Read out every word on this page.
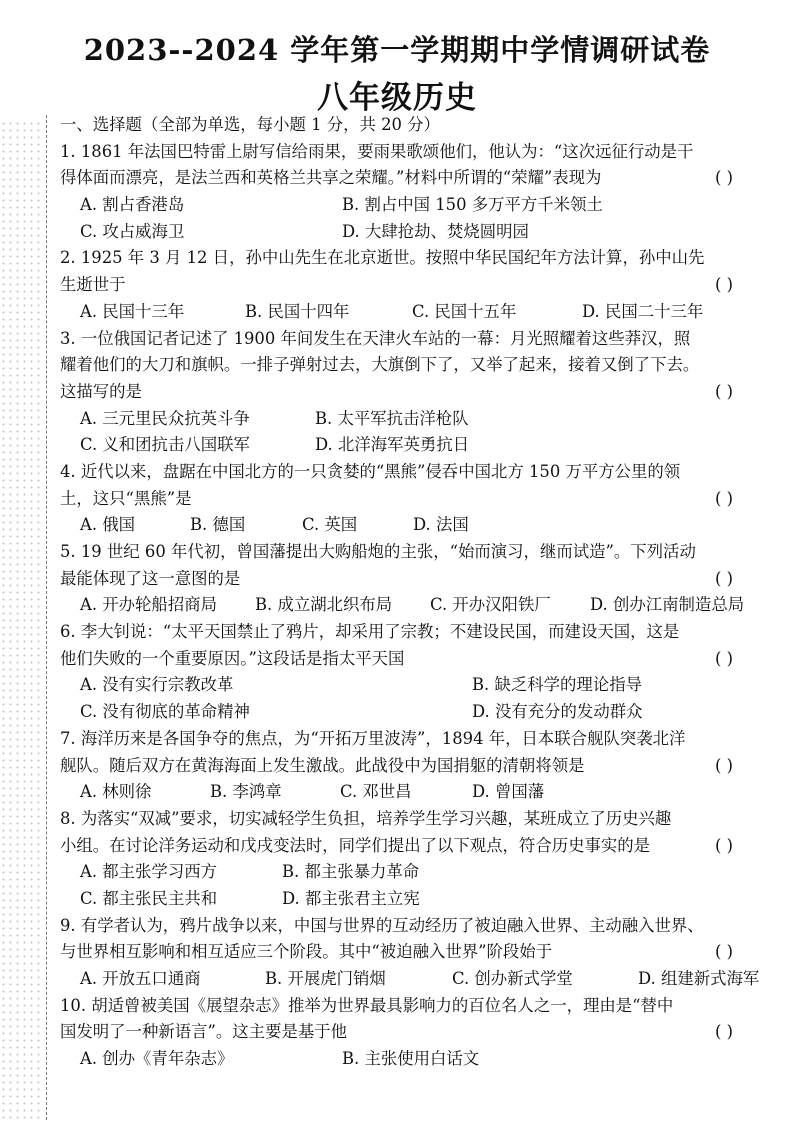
2023--2024 学年第一学期期中学情调研试卷
八年级历史
一、选择题（全部为单选，每小题 1 分，共 20 分）
1. 1861 年法国巴特雷上尉写信给雨果，要雨果歌颂他们，他认为：“这次远征行动是干
得体面而漂亮，是法兰西和英格兰共享之荣耀。”材料中所谓的“荣耀”表现为	( )
A. 割占香港岛	B. 割占中国 150 多万平方千米领土
C. 攻占威海卫	D. 大肆抢劫、焚烧圆明园
2. 1925 年 3 月 12 日，孙中山先生在北京逝世。按照中华民国纪年方法计算，孙中山先
生逝世于	( )
A. 民国十三年	B. 民国十四年	C. 民国十五年	D. 民国二十三年
3. 一位俄国记者记述了 1900 年间发生在天津火车站的一幕：月光照耀着这些莽汉，照
耀着他们的大刀和旗帜。一排子弹射过去，大旗倒下了，又举了起来，接着又倒了下去。
这描写的是	( )
A. 三元里民众抗英斗争	B. 太平军抗击洋枪队
C. 义和团抗击八国联军	D. 北洋海军英勇抗日
4. 近代以来，盘踞在中国北方的一只贪婪的“黑熊”侵吞中国北方 150 万平方公里的领
土，这只“黑熊”是	( )
A. 俄国	B. 德国	C. 英国	D. 法国
5. 19 世纪 60 年代初，曾国藩提出大购船炮的主张，“始而演习，继而试造”。下列活动
最能体现了这一意图的是	( )
A. 开办轮船招商局 B. 成立湖北织布局 C. 开办汉阳铁厂 D. 创办江南制造总局
6. 李大钊说：“太平天国禁止了鸦片，却采用了宗教；不建设民国，而建设天国，这是
他们失败的一个重要原因。”这段话是指太平天国	( )
A. 没有实行宗教改革	B. 缺乏科学的理论指导
C. 没有彻底的革命精神	D. 没有充分的发动群众
7. 海洋历来是各国争夺的焦点，为“开拓万里波涛”，1894 年，日本联合舰队突袭北洋
舰队。随后双方在黄海海面上发生激战。此战役中为国捐躯的清朝将领是	( )
A. 林则徐	B. 李鸿章	C. 邓世昌	D. 曾国藩
8. 为落实“双减”要求，切实减轻学生负担，培养学生学习兴趣，某班成立了历史兴趣
小组。在讨论洋务运动和戊戌变法时，同学们提出了以下观点，符合历史事实的是	( )
A. 都主张学习西方	B. 都主张暴力革命
C. 都主张民主共和	D. 都主张君主立宪
9. 有学者认为，鸦片战争以来，中国与世界的互动经历了被迫融入世界、主动融入世界、
与世界相互影响和相互适应三个阶段。其中“被迫融入世界”阶段始于	( )
A. 开放五口通商	B. 开展虎门销烟	C. 创办新式学堂	D. 组建新式海军
10. 胡适曾被美国《展望杂志》推举为世界最具影响力的百位名人之一，理由是“替中
国发明了一种新语言”。这主要是基于他	( )
A. 创办《青年杂志》	B. 主张使用白话文
